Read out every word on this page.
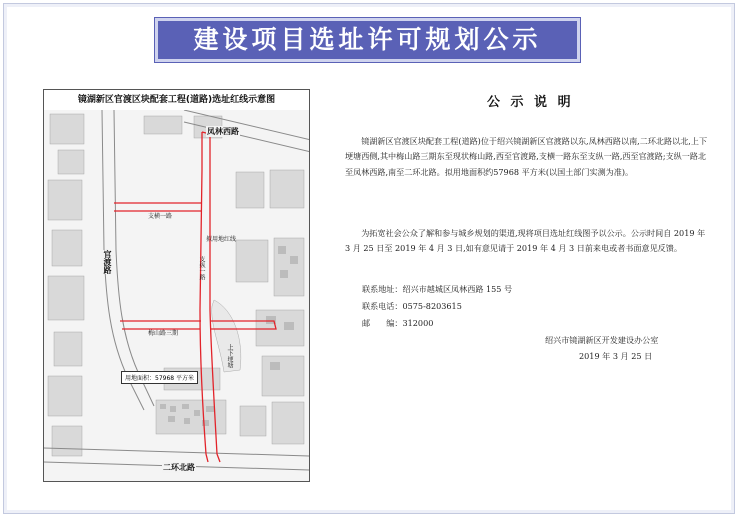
建设项目选址许可规划公示
镜湖新区官渡区块配套工程(道路)选址红线示意图
凤林西路
官渡路
支横一路
拟用地红线
支纵一路
梅山路三期
上下埂塘
二环北路
用地面积：57968 平方米
公 示 说 明

镜湖新区官渡区块配套工程(道路)位于绍兴镜湖新区官渡路以东,凤林西路以南,二环北路以北,上下埂塘西侧,其中梅山路三期东至现状梅山路,西至官渡路,支横一路东至支纵一路,西至官渡路;支纵一路北至凤林西路,南至二环北路。拟用地面积约57968 平方米(以国土部门实测为准)。

为拓宽社会公众了解和参与城乡规划的渠道,现将项目选址红线图予以公示。公示时间自 2019 年 3 月 25 日至 2019 年 4 月 3 日,如有意见请于 2019 年 4 月 3 日前来电或者书面意见反馈。

联系地址：绍兴市越城区凤林西路 155 号
联系电话：0575-8203615
邮　　编：312000
绍兴市镜湖新区开发建设办公室
2019 年 3 月 25 日
